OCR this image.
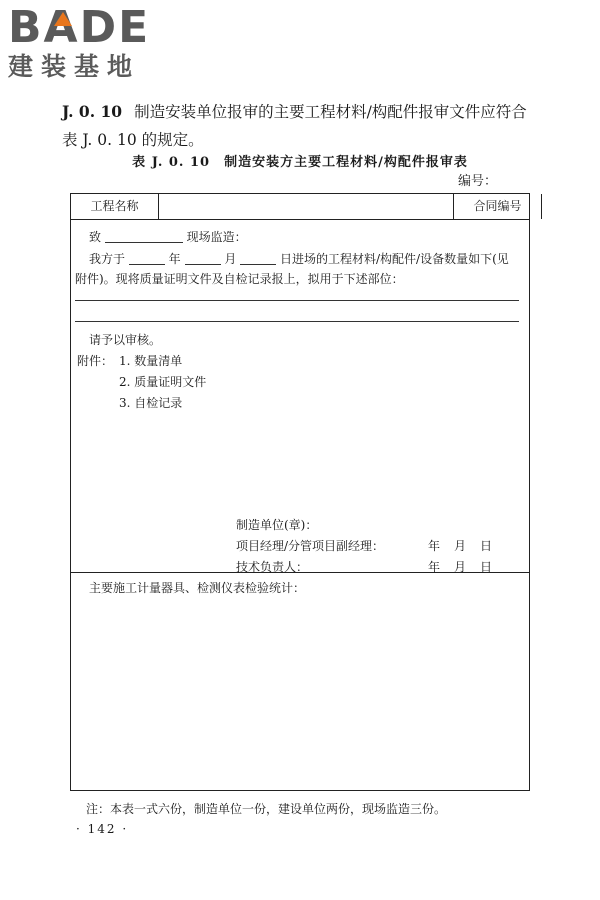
BADE
建装基地
J. 0. 10 制造安装单位报审的主要工程材料/构配件报审文件应符合表 J. 0. 10 的规定。
表 J. 0. 10　制造安装方主要工程材料/构配件报审表
编号：
工程名称	合同编号
致	现场监造：
我方于	年	月	日进场的工程材料/构配件/设备数量如下(见
附件)。现将质量证明文件及自检记录报上，拟用于下述部位：
请予以审核。
附件： 1. 数量清单
2. 质量证明文件
3. 自检记录
制造单位(章)：
项目经理/分管项目副经理：	年 月 日
技术负责人：	年 月 日
主要施工计量器具、检测仪表检验统计：
注：本表一式六份，制造单位一份，建设单位两份，现场监造三份。
· 142 ·
